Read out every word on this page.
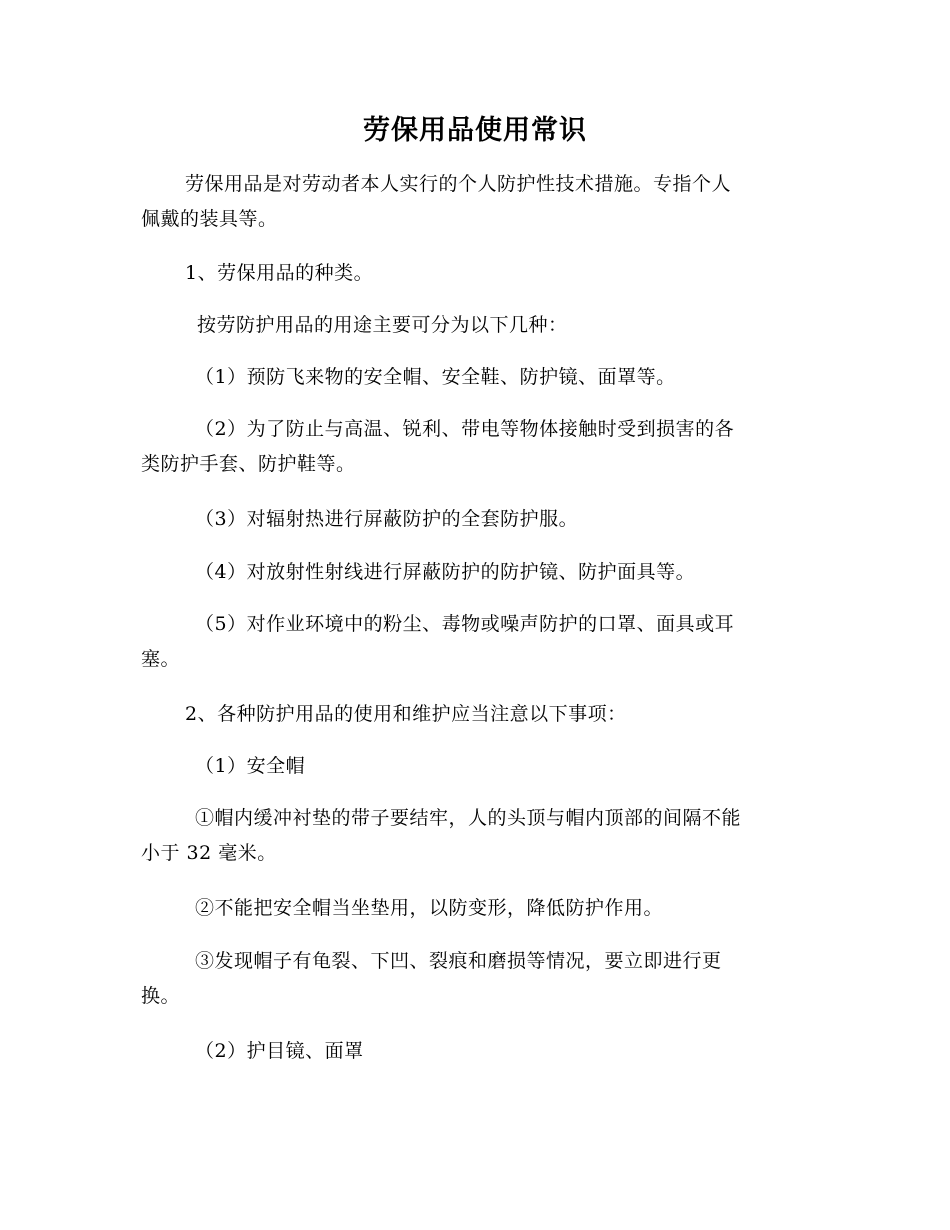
劳保用品使用常识
劳保用品是对劳动者本人实行的个人防护性技术措施。专指个人
佩戴的装具等。
1、劳保用品的种类。
按劳防护用品的用途主要可分为以下几种：
（1）预防飞来物的安全帽、安全鞋、防护镜、面罩等。
（2）为了防止与高温、锐利、带电等物体接触时受到损害的各
类防护手套、防护鞋等。
（3）对辐射热进行屏蔽防护的全套防护服。
（4）对放射性射线进行屏蔽防护的防护镜、防护面具等。
（5）对作业环境中的粉尘、毒物或噪声防护的口罩、面具或耳
塞。
2、各种防护用品的使用和维护应当注意以下事项：
（1）安全帽
①帽内缓冲衬垫的带子要结牢，人的头顶与帽内顶部的间隔不能
小于 32 毫米。
②不能把安全帽当坐垫用，以防变形，降低防护作用。
③发现帽子有龟裂、下凹、裂痕和磨损等情况，要立即进行更
换。
（2）护目镜、面罩
